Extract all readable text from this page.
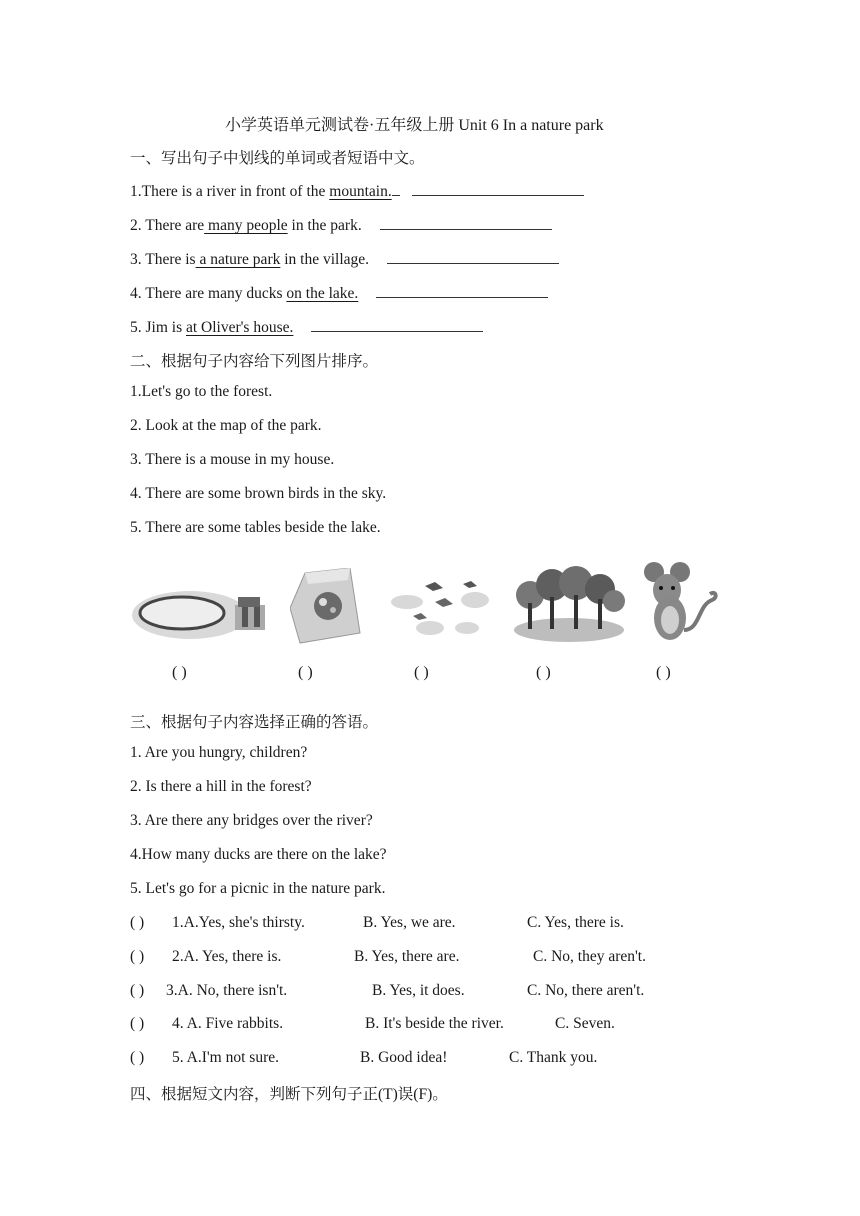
小学英语单元测试卷·五年级上册 Unit 6 In a nature park
一、写出句子中划线的单词或者短语中文。
1.There is a river in front of the mountain.
2. There are many people in the park.
3. There is a nature park in the village.
4. There are many ducks on the lake.
5. Jim is at Oliver's house.
二、根据句子内容给下列图片排序。
1.Let's go to the forest.
2. Look at the map of the park.
3. There is a mouse in my house.
4. There are some brown birds in the sky.
5. There are some tables beside the lake.
( )	( )	( )	( )	( )
三、根据句子内容选择正确的答语。
1. Are you hungry, children?
2. Is there a hill in the forest?
3. Are there any bridges over the river?
4.How many ducks are there on the lake?
5. Let's go for a picnic in the nature park.
( ) 1.A.Yes, she's thirsty.	B. Yes, we are.	C. Yes, there is.
( ) 2.A. Yes, there is.	B. Yes, there are.	C. No, they aren't.
( ) 3.A. No, there isn't.	B. Yes, it does.	C. No, there aren't.
( ) 4. A. Five rabbits.	B. It's beside the river.	C. Seven.
( ) 5. A.I'm not sure.	B. Good idea!	C. Thank you.
四、根据短文内容，判断下列句子正(T)误(F)。
